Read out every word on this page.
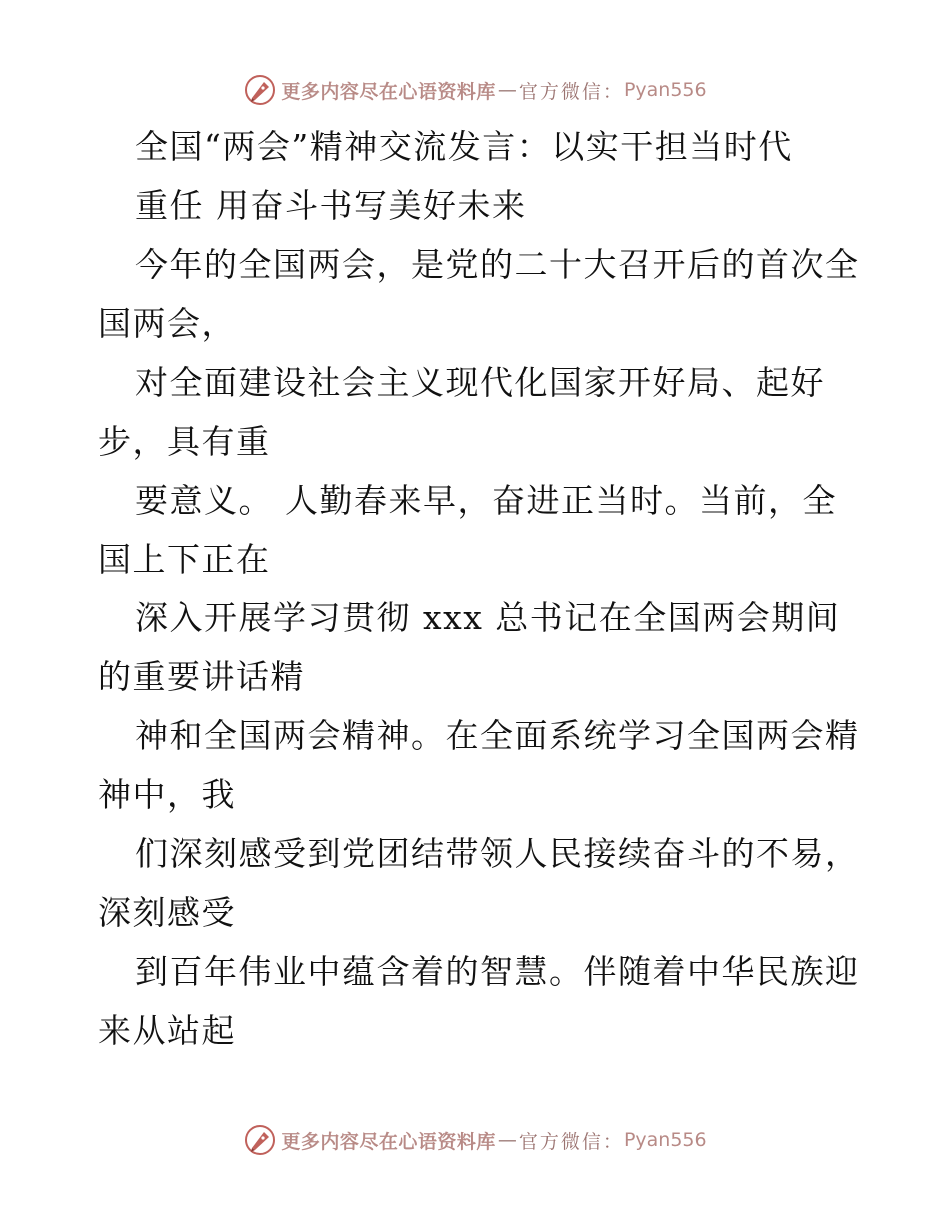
更多内容尽在心语资料库 — 官方微信： Pyan556
全国“两会”精神交流发言：以实干担当时代
重任 用奋斗书写美好未来
今年的全国两会，是党的二十大召开后的首次全
国两会，
对全面建设社会主义现代化国家开好局、起好
步，具有重
要意义。 人勤春来早，奋进正当时。当前，全
国上下正在
深入开展学习贯彻 xxx 总书记在全国两会期间
的重要讲话精
神和全国两会精神。在全面系统学习全国两会精
神中，我
们深刻感受到党团结带领人民接续奋斗的不易，
深刻感受
到百年伟业中蕴含着的智慧。伴随着中华民族迎
来从站起
更多内容尽在心语资料库 — 官方微信： Pyan556
